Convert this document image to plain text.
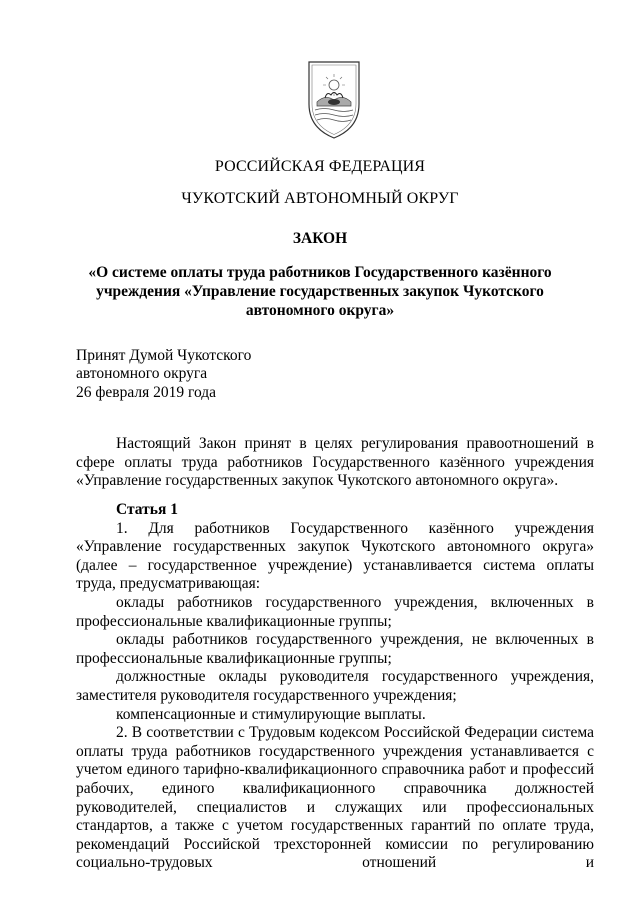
РОССИЙСКАЯ ФЕДЕРАЦИЯ
ЧУКОТСКИЙ АВТОНОМНЫЙ ОКРУГ
ЗАКОН
«О системе оплаты труда работников Государственного казённого
учреждения «Управление государственных закупок Чукотского
автономного округа»
Принят Думой Чукотского
автономного округа
26 февраля 2019 года

Настоящий Закон принят в целях регулирования правоотношений в сфере оплаты труда работников Государственного казённого учреждения «Управление государственных закупок Чукотского автономного округа».

Статья 1

1. Для работников Государственного казённого учреждения «Управление государственных закупок Чукотского автономного округа» (далее – государственное учреждение) устанавливается система оплаты труда, предусматривающая:

оклады работников государственного учреждения, включенных в профессиональные квалификационные группы;

оклады работников государственного учреждения, не включенных в профессиональные квалификационные группы;

должностные оклады руководителя государственного учреждения, заместителя руководителя государственного учреждения;

компенсационные и стимулирующие выплаты.

2. В соответствии с Трудовым кодексом Российской Федерации система оплаты труда работников государственного учреждения устанавливается с учетом единого тарифно-квалификационного справочника работ и профессий рабочих, единого квалификационного справочника должностей руководителей, специалистов и служащих или профессиональных стандартов, а также с учетом государственных гарантий по оплате труда, рекомендаций Российской трехсторонней комиссии по регулированию социально-трудовых отношений и
